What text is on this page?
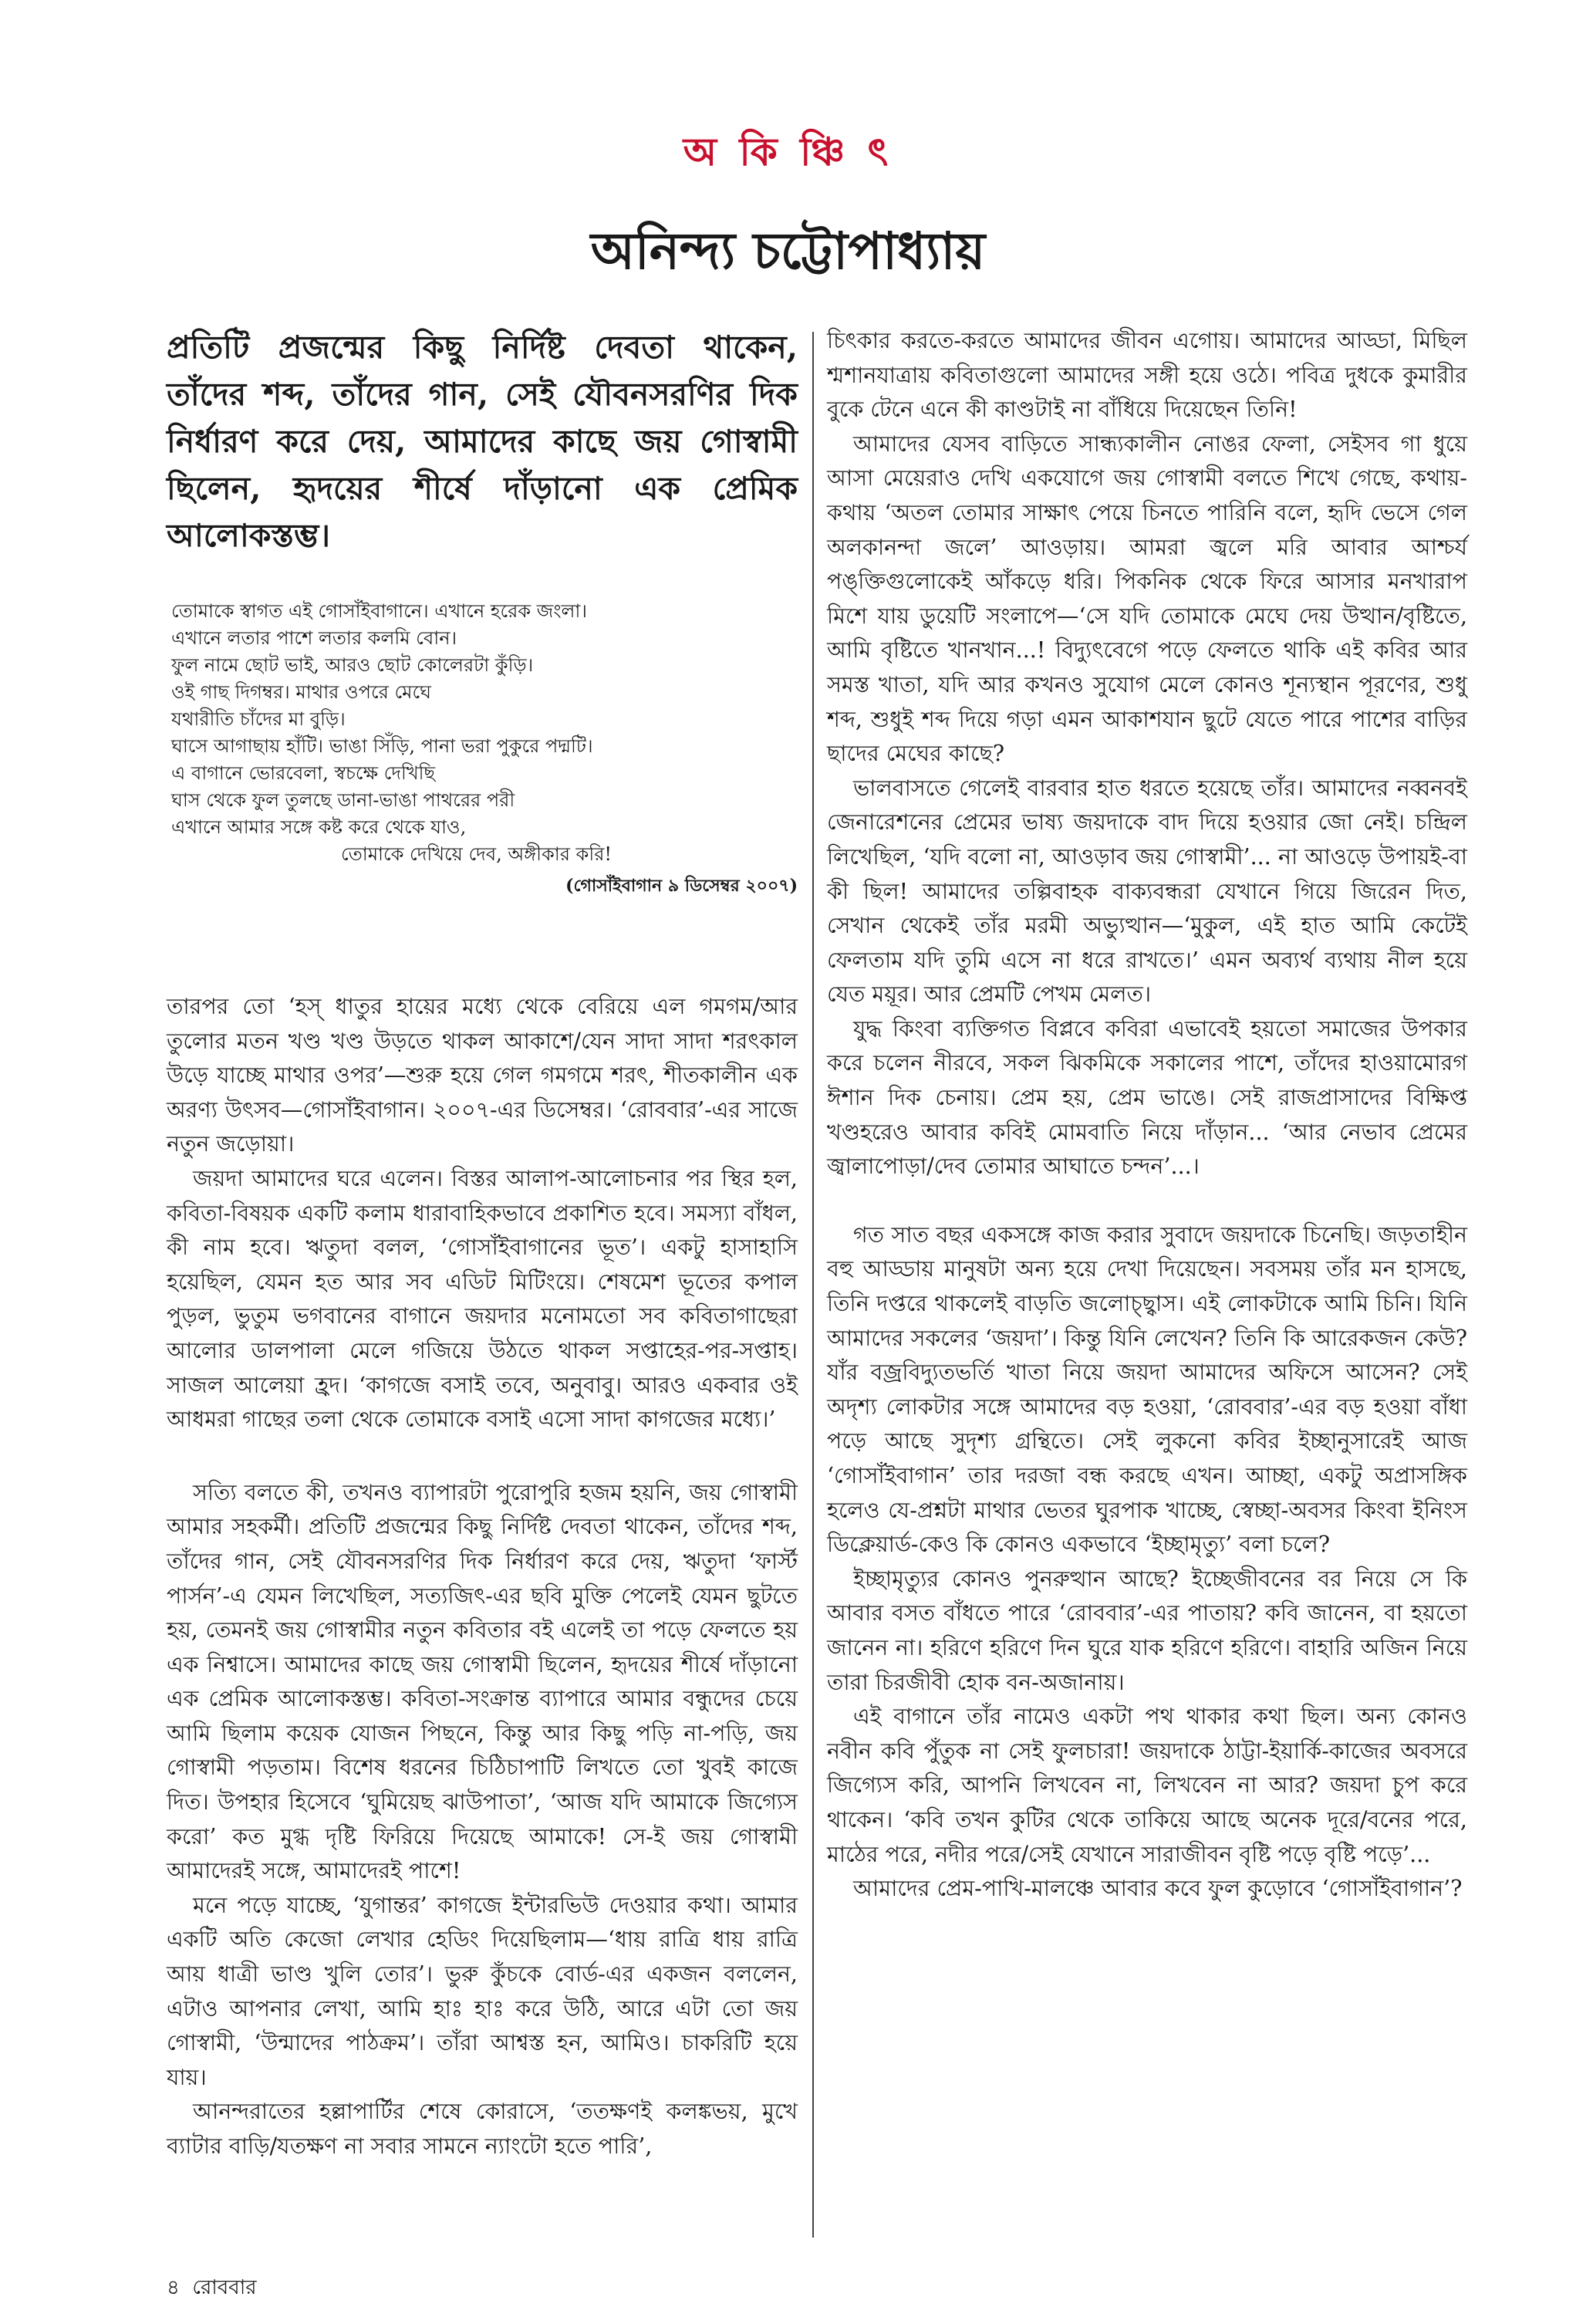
অ কি ঞ্চি ৎ
অনিন্দ্য চট্টোপাধ্যায়

প্রতিটি প্রজন্মের কিছু নির্দিষ্ট দেবতা থাকেন, তাঁদের শব্দ, তাঁদের গান, সেই যৌবনসরণির দিক নির্ধারণ করে দেয়, আমাদের কাছে জয় গোস্বামী ছিলেন, হৃদয়ের শীর্ষে দাঁড়ানো এক প্রেমিক আলোকস্তম্ভ।

তোমাকে স্বাগত এই গোসাঁইবাগানে। এখানে হরেক জংলা।

এখানে লতার পাশে লতার কলমি বোন।

ফুল নামে ছোট ভাই, আরও ছোট কোলেরটা কুঁড়ি।

ওই গাছ দিগম্বর। মাথার ওপরে মেঘে

যথারীতি চাঁদের মা বুড়ি।

ঘাসে আগাছায় হাঁটি। ভাঙা সিঁড়ি, পানা ভরা পুকুরে পদ্মটি।

এ বাগানে ভোরবেলা, স্বচক্ষে দেখিছি

ঘাস থেকে ফুল তুলছে ডানা-ভাঙা পাথরের পরী

এখানে আমার সঙ্গে কষ্ট করে থেকে যাও,

তোমাকে দেখিয়ে দেব, অঙ্গীকার করি!

(গোসাঁইবাগান ৯ ডিসেম্বর ২০০৭)

তারপর তো ‘হস্ ধাতুর হায়ের মধ্যে থেকে বেরিয়ে এল গমগম/আর তুলোর মতন খণ্ড খণ্ড উড়তে থাকল আকাশে/যেন সাদা সাদা শরৎকাল উড়ে যাচ্ছে মাথার ওপর’—শুরু হয়ে গেল গমগমে শরৎ, শীতকালীন এক অরণ্য উৎসব—গোসাঁইবাগান। ২০০৭-এর ডিসেম্বর। ‘রোববার’-এর সাজে নতুন জড়োয়া।

জয়দা আমাদের ঘরে এলেন। বিস্তর আলাপ-আলোচনার পর স্থির হল, কবিতা-বিষয়ক একটি কলাম ধারাবাহিকভাবে প্রকাশিত হবে। সমস্যা বাঁধল, কী নাম হবে। ঋতুদা বলল, ‘গোসাঁইবাগানের ভূত’। একটু হাসাহাসি হয়েছিল, যেমন হত আর সব এডিট মিটিংয়ে। শেষমেশ ভূতের কপাল পুড়ল, ভুতুম ভগবানের বাগানে জয়দার মনোমতো সব কবিতাগাছেরা আলোর ডালপালা মেলে গজিয়ে উঠতে থাকল সপ্তাহের-পর-সপ্তাহ। সাজল আলেয়া হ্রদ। ‘কাগজে বসাই তবে, অনুবাবু। আরও একবার ওই আধমরা গাছের তলা থেকে তোমাকে বসাই এসো সাদা কাগজের মধ্যে।’

সত্যি বলতে কী, তখনও ব্যাপারটা পুরোপুরি হজম হয়নি, জয় গোস্বামী আমার সহকর্মী। প্রতিটি প্রজন্মের কিছু নির্দিষ্ট দেবতা থাকেন, তাঁদের শব্দ, তাঁদের গান, সেই যৌবনসরণির দিক নির্ধারণ করে দেয়, ঋতুদা ‘ফার্স্ট পার্সন’-এ যেমন লিখেছিল, সত্যজিৎ-এর ছবি মুক্তি পেলেই যেমন ছুটতে হয়, তেমনই জয় গোস্বামীর নতুন কবিতার বই এলেই তা পড়ে ফেলতে হয় এক নিশ্বাসে। আমাদের কাছে জয় গোস্বামী ছিলেন, হৃদয়ের শীর্ষে দাঁড়ানো এক প্রেমিক আলোকস্তম্ভ। কবিতা-সংক্রান্ত ব্যাপারে আমার বন্ধুদের চেয়ে আমি ছিলাম কয়েক যোজন পিছনে, কিন্তু আর কিছু পড়ি না-পড়ি, জয় গোস্বামী পড়তাম। বিশেষ ধরনের চিঠিচাপাটি লিখতে তো খুবই কাজে দিত। উপহার হিসেবে ‘ঘুমিয়েছ ঝাউপাতা’, ‘আজ যদি আমাকে জিগ্যেস করো’ কত মুগ্ধ দৃষ্টি ফিরিয়ে দিয়েছে আমাকে! সে-ই জয় গোস্বামী আমাদেরই সঙ্গে, আমাদেরই পাশে!

মনে পড়ে যাচ্ছে, ‘যুগান্তর’ কাগজে ইন্টারভিউ দেওয়ার কথা। আমার একটি অতি কেজো লেখার হেডিং দিয়েছিলাম—‘ধায় রাত্রি ধায় রাত্রি আয় ধাত্রী ভাণ্ড খুলি তোর’। ভুরু কুঁচকে বোর্ড-এর একজন বললেন, এটাও আপনার লেখা, আমি হাঃ হাঃ করে উঠি, আরে এটা তো জয় গোস্বামী, ‘উন্মাদের পাঠক্রম’। তাঁরা আশ্বস্ত হন, আমিও। চাকরিটি হয়ে যায়।

আনন্দরাতের হল্লাপার্টির শেষে কোরাসে, ‘ততক্ষণই কলঙ্কভয়, মুখে ব্যাটার বাড়ি/যতক্ষণ না সবার সামনে ন্যাংটো হতে পারি’,

চিৎকার করতে-করতে আমাদের জীবন এগোয়। আমাদের আড্ডা, মিছিল শ্মশানযাত্রায় কবিতাগুলো আমাদের সঙ্গী হয়ে ওঠে। পবিত্র দুধকে কুমারীর বুকে টেনে এনে কী কাণ্ডটাই না বাঁধিয়ে দিয়েছেন তিনি!

আমাদের যেসব বাড়িতে সান্ধ্যকালীন নোঙর ফেলা, সেইসব গা ধুয়ে আসা মেয়েরাও দেখি একযোগে জয় গোস্বামী বলতে শিখে গেছে, কথায়-কথায় ‘অতল তোমার সাক্ষাৎ পেয়ে চিনতে পারিনি বলে, হৃদি ভেসে গেল অলকানন্দা জলে’ আওড়ায়। আমরা জ্বলে মরি আবার আশ্চর্য পঙ্‌ক্তিগুলোকেই আঁকড়ে ধরি। পিকনিক থেকে ফিরে আসার মনখারাপ মিশে যায় ডুয়েটি সংলাপে—‘সে যদি তোমাকে মেঘে দেয় উত্থান/বৃষ্টিতে, আমি বৃষ্টিতে খানখান...! বিদ্যুৎবেগে পড়ে ফেলতে থাকি এই কবির আর সমস্ত খাতা, যদি আর কখনও সুযোগ মেলে কোনও শূন্যস্থান পূরণের, শুধু শব্দ, শুধুই শব্দ দিয়ে গড়া এমন আকাশযান ছুটে যেতে পারে পাশের বাড়ির ছাদের মেঘের কাছে?

ভালবাসতে গেলেই বারবার হাত ধরতে হয়েছে তাঁর। আমাদের নব্বনবই জেনারেশনের প্রেমের ভাষ্য জয়দাকে বাদ দিয়ে হওয়ার জো নেই। চন্দ্রিল লিখেছিল, ‘যদি বলো না, আওড়াব জয় গোস্বামী’... না আওড়ে উপায়ই-বা কী ছিল! আমাদের তল্পিবাহক বাক্যবন্ধরা যেখানে গিয়ে জিরেন দিত, সেখান থেকেই তাঁর মরমী অভ্যুত্থান—‘মুকুল, এই হাত আমি কেটেই ফেলতাম যদি তুমি এসে না ধরে রাখতে।’ এমন অব্যর্থ ব্যথায় নীল হয়ে যেত ময়ূর। আর প্রেমটি পেখম মেলত।

যুদ্ধ কিংবা ব্যক্তিগত বিপ্লবে কবিরা এভাবেই হয়তো সমাজের উপকার করে চলেন নীরবে, সকল ঝিকমিকে সকালের পাশে, তাঁদের হাওয়ামোরগ ঈশান দিক চেনায়। প্রেম হয়, প্রেম ভাঙে। সেই রাজপ্রাসাদের বিক্ষিপ্ত খণ্ডহরেও আবার কবিই মোমবাতি নিয়ে দাঁড়ান... ‘আর নেভাব প্রেমের জ্বালাপোড়া/দেব তোমার আঘাতে চন্দন’...।

গত সাত বছর একসঙ্গে কাজ করার সুবাদে জয়দাকে চিনেছি। জড়তাহীন বহু আড্ডায় মানুষটা অন্য হয়ে দেখা দিয়েছেন। সবসময় তাঁর মন হাসছে, তিনি দপ্তরে থাকলেই বাড়তি জলোচ্ছ্বাস। এই লোকটাকে আমি চিনি। যিনি আমাদের সকলের ‘জয়দা’। কিন্তু যিনি লেখেন? তিনি কি আরেকজন কেউ? যাঁর বজ্রবিদ্যুতভর্তি খাতা নিয়ে জয়দা আমাদের অফিসে আসেন? সেই অদৃশ্য লোকটার সঙ্গে আমাদের বড় হওয়া, ‘রোববার’-এর বড় হওয়া বাঁধা পড়ে আছে সুদৃশ্য গ্রন্থিতে। সেই লুকনো কবির ইচ্ছানুসারেই আজ ‘গোসাঁইবাগান’ তার দরজা বন্ধ করছে এখন। আচ্ছা, একটু অপ্রাসঙ্গিক হলেও যে-প্রশ্নটা মাথার ভেতর ঘুরপাক খাচ্ছে, স্বেচ্ছা-অবসর কিংবা ইনিংস ডিক্লেয়ার্ড-কেও কি কোনও একভাবে ‘ইচ্ছামৃত্যু’ বলা চলে?

ইচ্ছামৃত্যুর কোনও পুনরুত্থান আছে? ইচ্ছেজীবনের বর নিয়ে সে কি আবার বসত বাঁধতে পারে ‘রোববার’-এর পাতায়? কবি জানেন, বা হয়তো জানেন না। হরিণে হরিণে দিন ঘুরে যাক হরিণে হরিণে। বাহারি অজিন নিয়ে তারা চিরজীবী হোক বন-অজানায়।

এই বাগানে তাঁর নামেও একটা পথ থাকার কথা ছিল। অন্য কোনও নবীন কবি পুঁতুক না সেই ফুলচারা! জয়দাকে ঠাট্টা-ইয়ার্কি-কাজের অবসরে জিগ্যেস করি, আপনি লিখবেন না, লিখবেন না আর? জয়দা চুপ করে থাকেন। ‘কবি তখন কুটির থেকে তাকিয়ে আছে অনেক দূরে/বনের পরে, মাঠের পরে, নদীর পরে/সেই যেখানে সারাজীবন বৃষ্টি পড়ে বৃষ্টি পড়ে’...

আমাদের প্রেম-পাখি-মালঞ্চে আবার কবে ফুল কুড়োবে ‘গোসাঁইবাগান’?

৪ রোববার
